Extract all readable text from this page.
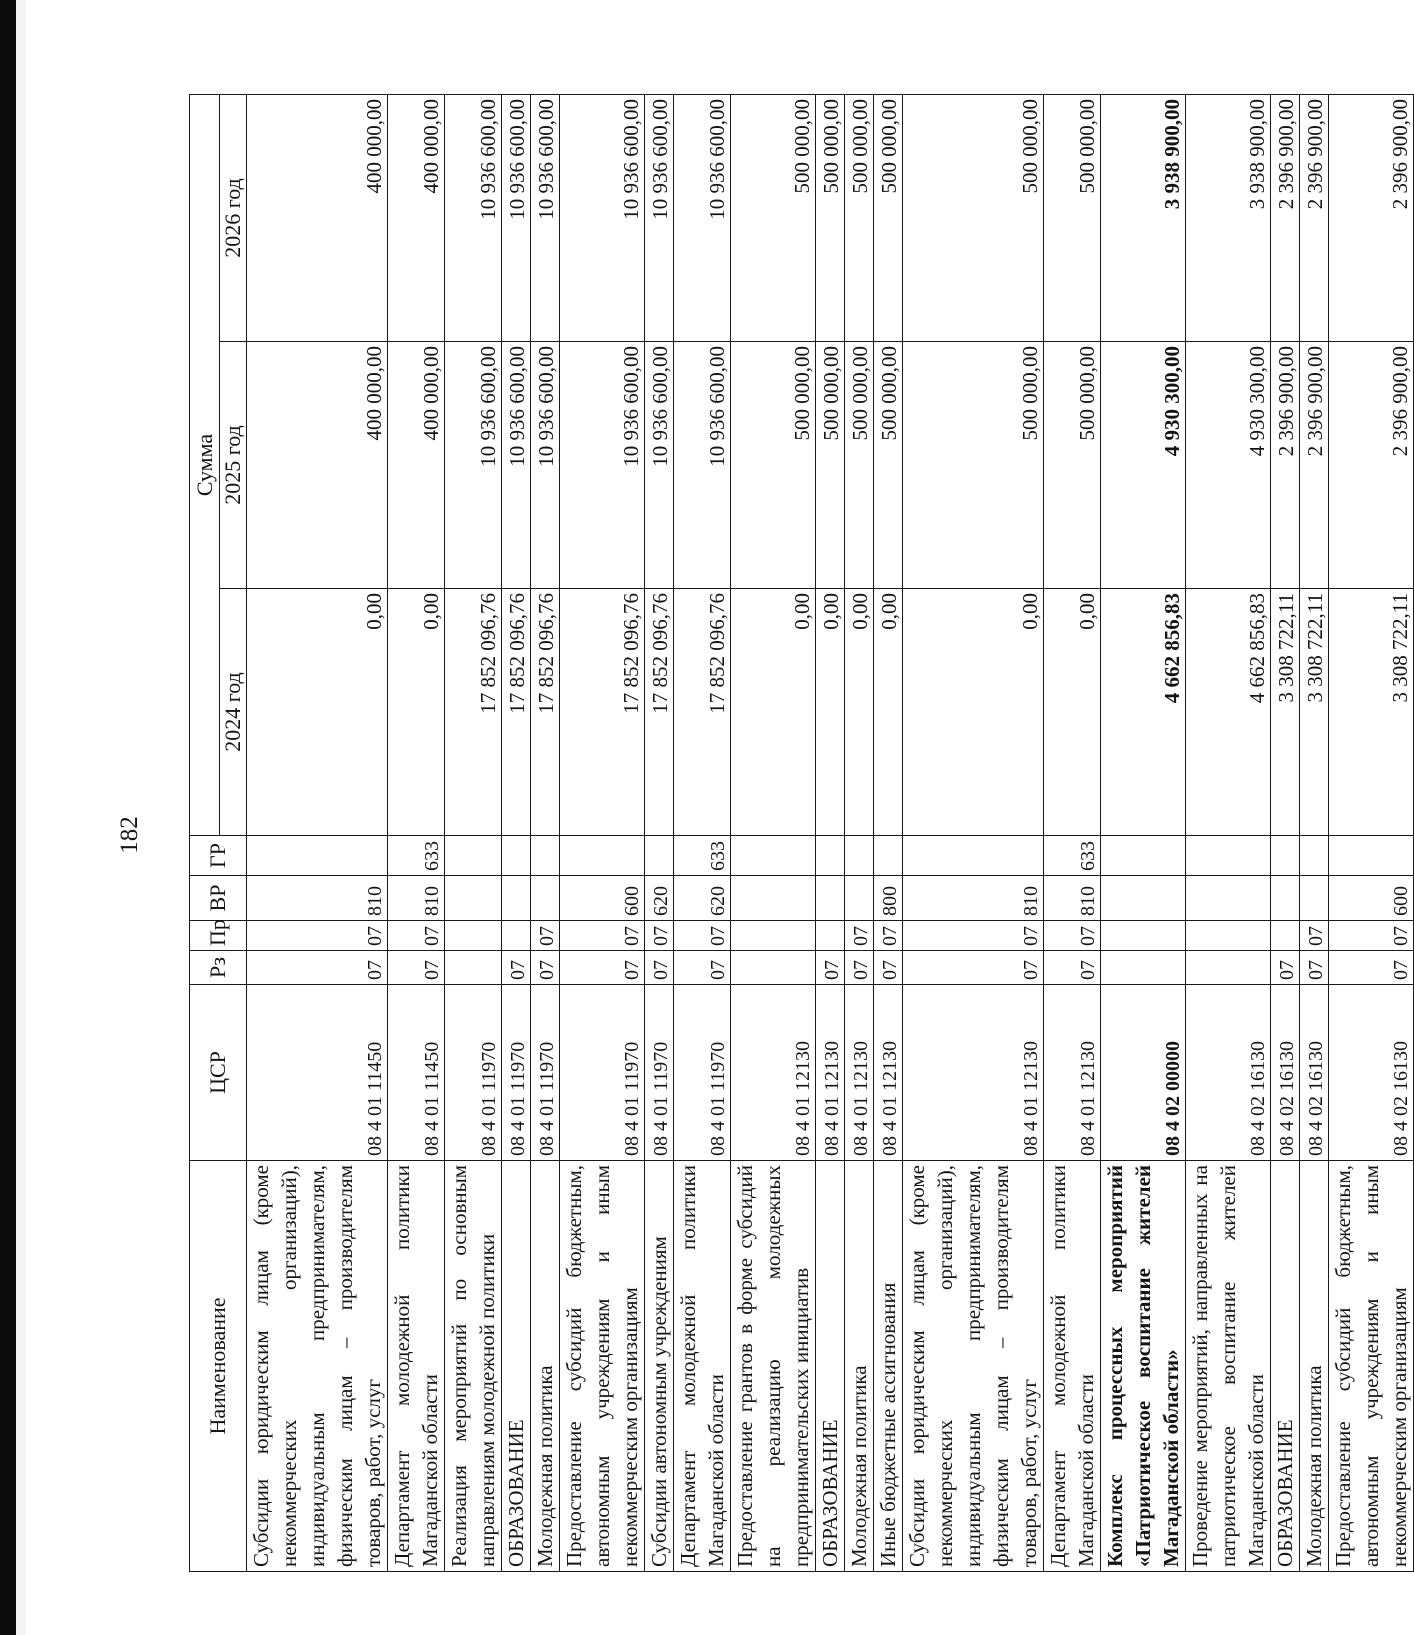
182
Наименование	ЦСР	Рз	Пр	ВР	ГР	Сумма		
						2024 год	2025 год	2026 год
Субсидии юридическим лицам (кроме некоммерческих организаций), индивидуальным предпринимателям, физическим лицам – производителям товаров, работ, услуг	08 4 01 11450	07	07	810		0,00	400 000,00	400 000,00
Департамент молодежной политики Магаданской области	08 4 01 11450	07	07	810	633	0,00	400 000,00	400 000,00
Реализация мероприятий по основным направлениям молодежной политики	08 4 01 11970					17 852 096,76	10 936 600,00	10 936 600,00
ОБРАЗОВАНИЕ	08 4 01 11970	07				17 852 096,76	10 936 600,00	10 936 600,00
Молодежная политика	08 4 01 11970	07	07			17 852 096,76	10 936 600,00	10 936 600,00
Предоставление субсидий бюджетным, автономным учреждениям и иным некоммерческим организациям	08 4 01 11970	07	07	600		17 852 096,76	10 936 600,00	10 936 600,00
Субсидии автономным учреждениям	08 4 01 11970	07	07	620		17 852 096,76	10 936 600,00	10 936 600,00
Департамент молодежной политики Магаданской области	08 4 01 11970	07	07	620	633	17 852 096,76	10 936 600,00	10 936 600,00
Предоставление грантов в форме субсидий на реализацию молодежных предпринимательских инициатив	08 4 01 12130					0,00	500 000,00	500 000,00
ОБРАЗОВАНИЕ	08 4 01 12130	07				0,00	500 000,00	500 000,00
Молодежная политика	08 4 01 12130	07	07			0,00	500 000,00	500 000,00
Иные бюджетные ассигнования	08 4 01 12130	07	07	800		0,00	500 000,00	500 000,00
Субсидии юридическим лицам (кроме некоммерческих организаций), индивидуальным предпринимателям, физическим лицам – производителям товаров, работ, услуг	08 4 01 12130	07	07	810		0,00	500 000,00	500 000,00
Департамент молодежной политики Магаданской области	08 4 01 12130	07	07	810	633	0,00	500 000,00	500 000,00
Комплекс процессных мероприятий «Патриотическое воспитание жителей Магаданской области»	08 4 02 00000					4 662 856,83	4 930 300,00	3 938 900,00
Проведение мероприятий, направленных на патриотическое воспитание жителей Магаданской области	08 4 02 16130					4 662 856,83	4 930 300,00	3 938 900,00
ОБРАЗОВАНИЕ	08 4 02 16130	07				3 308 722,11	2 396 900,00	2 396 900,00
Молодежная политика	08 4 02 16130	07	07			3 308 722,11	2 396 900,00	2 396 900,00
Предоставление субсидий бюджетным, автономным учреждениям и иным некоммерческим организациям	08 4 02 16130	07	07	600		3 308 722,11	2 396 900,00	2 396 900,00
